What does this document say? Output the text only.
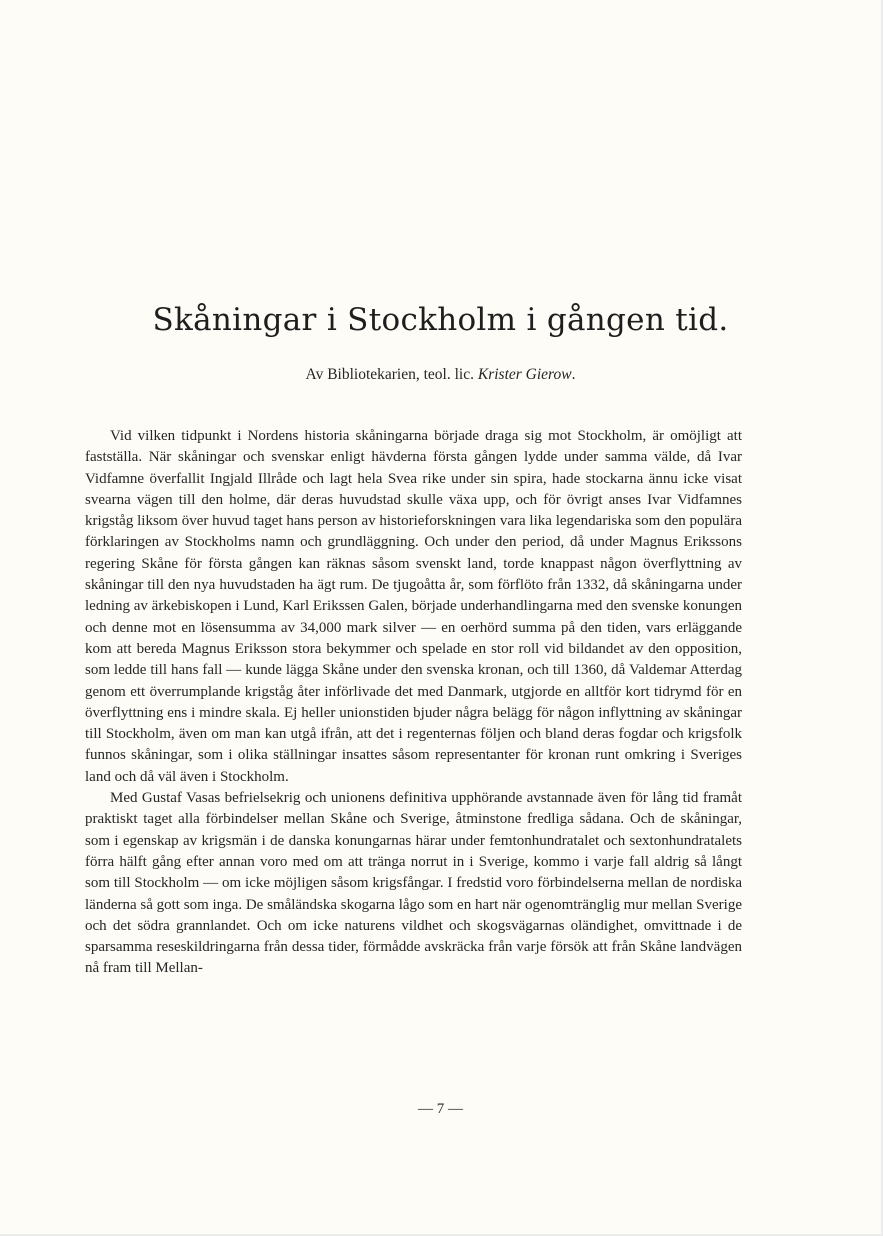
Skåningar i Stockholm i gången tid.
Av Bibliotekarien, teol. lic. Krister Gierow.

Vid vilken tidpunkt i Nordens historia skåningarna började draga sig mot Stockholm, är omöjligt att fastställa. När skåningar och svenskar enligt hävderna första gången lydde under samma välde, då Ivar Vidfamne överfallit Ingjald Illråde och lagt hela Svea rike under sin spira, hade stockarna ännu icke visat svearna vägen till den holme, där deras huvudstad skulle växa upp, och för övrigt anses Ivar Vidfamnes krigståg liksom över huvud taget hans person av historieforskningen vara lika legendariska som den populära förklaringen av Stockholms namn och grundläggning. Och under den period, då under Magnus Erikssons regering Skåne för första gången kan räknas såsom svenskt land, torde knappast någon överflyttning av skåningar till den nya huvudstaden ha ägt rum. De tjugoåtta år, som förflöto från 1332, då skåningarna under ledning av ärkebiskopen i Lund, Karl Erikssen Galen, började underhandlingarna med den svenske konungen och denne mot en lösensumma av 34,000 mark silver — en oerhörd summa på den tiden, vars erläggande kom att bereda Magnus Eriksson stora bekymmer och spelade en stor roll vid bildandet av den opposition, som ledde till hans fall — kunde lägga Skåne under den svenska kronan, och till 1360, då Valdemar Atterdag genom ett överrumplande krigståg åter införlivade det med Danmark, utgjorde en alltför kort tidrymd för en överflyttning ens i mindre skala. Ej heller unionstiden bjuder några belägg för någon inflyttning av skåningar till Stockholm, även om man kan utgå ifrån, att det i regenternas följen och bland deras fogdar och krigsfolk funnos skåningar, som i olika ställningar insattes såsom representanter för kronan runt omkring i Sveriges land och då väl även i Stockholm.

Med Gustaf Vasas befrielsekrig och unionens definitiva upphörande avstannade även för lång tid framåt praktiskt taget alla förbindelser mellan Skåne och Sverige, åtminstone fredliga sådana. Och de skåningar, som i egenskap av krigsmän i de danska konungarnas härar under femtonhundratalet och sextonhundratalets förra hälft gång efter annan voro med om att tränga norrut in i Sverige, kommo i varje fall aldrig så långt som till Stockholm — om icke möjligen såsom krigsfångar. I fredstid voro förbindelserna mellan de nordiska länderna så gott som inga. De småländska skogarna lågo som en hart när ogenomtränglig mur mellan Sverige och det södra grannlandet. Och om icke naturens vildhet och skogsvägarnas oländighet, omvittnade i de sparsamma reseskildringarna från dessa tider, förmådde avskräcka från varje försök att från Skåne landvägen nå fram till Mellan-

— 7 —
